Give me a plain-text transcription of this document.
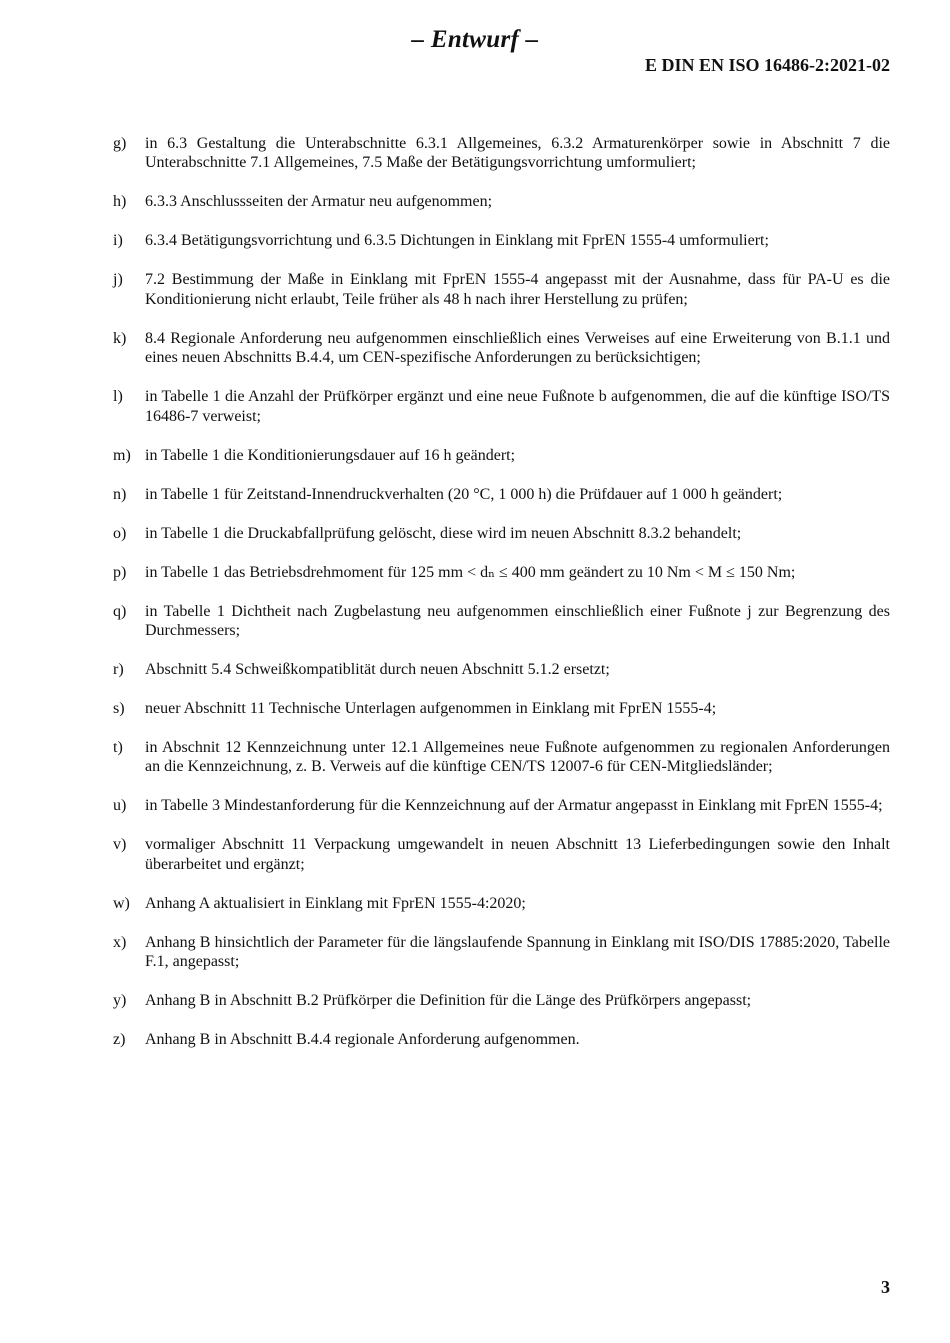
– Entwurf –
E DIN EN ISO 16486-2:2021-02
g)	in 6.3 Gestaltung die Unterabschnitte 6.3.1 Allgemeines, 6.3.2 Armaturenkörper sowie in Abschnitt 7 die Unterabschnitte 7.1 Allgemeines, 7.5 Maße der Betätigungsvorrichtung umformuliert;
h)	6.3.3 Anschlussseiten der Armatur neu aufgenommen;
i)	6.3.4 Betätigungsvorrichtung und 6.3.5 Dichtungen in Einklang mit FprEN 1555-4 umformuliert;
j)	7.2 Bestimmung der Maße in Einklang mit FprEN 1555-4 angepasst mit der Ausnahme, dass für PA-U es die Konditionierung nicht erlaubt, Teile früher als 48 h nach ihrer Herstellung zu prüfen;
k)	8.4 Regionale Anforderung neu aufgenommen einschließlich eines Verweises auf eine Erweiterung von B.1.1 und eines neuen Abschnitts B.4.4, um CEN-spezifische Anforderungen zu berücksichtigen;
l)	in Tabelle 1 die Anzahl der Prüfkörper ergänzt und eine neue Fußnote b aufgenommen, die auf die künftige ISO/TS 16486-7 verweist;
m) in Tabelle 1 die Konditionierungsdauer auf 16 h geändert;
n)	in Tabelle 1 für Zeitstand-Innendruckverhalten (20 °C, 1 000 h) die Prüfdauer auf 1 000 h geändert;
o)	in Tabelle 1 die Druckabfallprüfung gelöscht, diese wird im neuen Abschnitt 8.3.2 behandelt;
p)	in Tabelle 1 das Betriebsdrehmoment für 125 mm < dₙ ≤ 400 mm geändert zu 10 Nm < M ≤ 150 Nm;
q)	in Tabelle 1 Dichtheit nach Zugbelastung neu aufgenommen einschließlich einer Fußnote j zur Begrenzung des Durchmessers;
r)	Abschnitt 5.4 Schweißkompatiblität durch neuen Abschnitt 5.1.2 ersetzt;
s)	neuer Abschnitt 11 Technische Unterlagen aufgenommen in Einklang mit FprEN 1555-4;
t)	in Abschnit 12 Kennzeichnung unter 12.1 Allgemeines neue Fußnote aufgenommen zu regionalen Anforderungen an die Kennzeichnung, z. B. Verweis auf die künftige CEN/TS 12007-6 für CEN-Mitgliedsländer;
u)	in Tabelle 3 Mindestanforderung für die Kennzeichnung auf der Armatur angepasst in Einklang mit FprEN 1555-4;
v)	vormaliger Abschnitt 11 Verpackung umgewandelt in neuen Abschnitt 13 Lieferbedingungen sowie den Inhalt überarbeitet und ergänzt;
w) Anhang A aktualisiert in Einklang mit FprEN 1555-4:2020;
x)	Anhang B hinsichtlich der Parameter für die längslaufende Spannung in Einklang mit ISO/DIS 17885:2020, Tabelle F.1, angepasst;
y)	Anhang B in Abschnitt B.2 Prüfkörper die Definition für die Länge des Prüfkörpers angepasst;
z)	Anhang B in Abschnitt B.4.4 regionale Anforderung aufgenommen.
3
